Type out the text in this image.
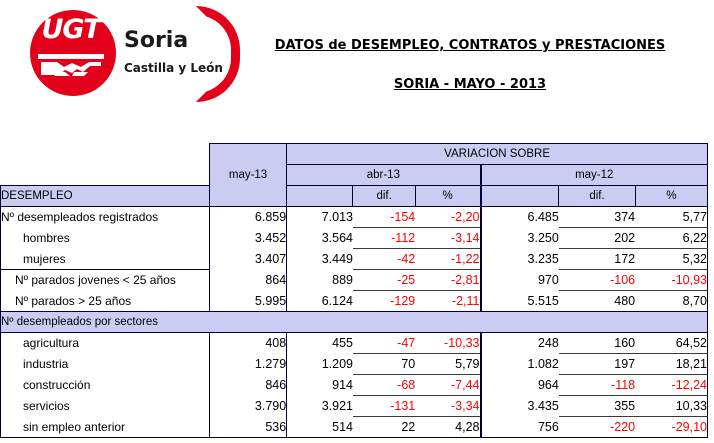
UGT	Soria
Castilla y León
DATOS de DESEMPLEO, CONTRATOS y PRESTACIONES
SORIA - MAYO - 2013
	may-13	VARIACION SOBRE					
		abr-13			may-12		
DESEMPLEO			dif.	%		dif.	%
Nº desempleados registrados	6.859	7.013	-154	-2,20	6.485	374	5,77
hombres	3.452	3.564	-112	-3,14	3.250	202	6,22
mujeres	3.407	3.449	-42	-1,22	3.235	172	5,32
Nº parados jovenes < 25 años	864	889	-25	-2,81	970	-106	-10,93
Nº parados > 25 años	5.995	6.124	-129	-2,11	5.515	480	8,70
Nº desempleados por sectores							
agricultura	408	455	-47	-10,33	248	160	64,52
industria	1.279	1.209	70	5,79	1.082	197	18,21
construcción	846	914	-68	-7,44	964	-118	-12,24
servicios	3.790	3.921	-131	-3,34	3.435	355	10,33
sin empleo anterior	536	514	22	4,28	756	-220	-29,10
